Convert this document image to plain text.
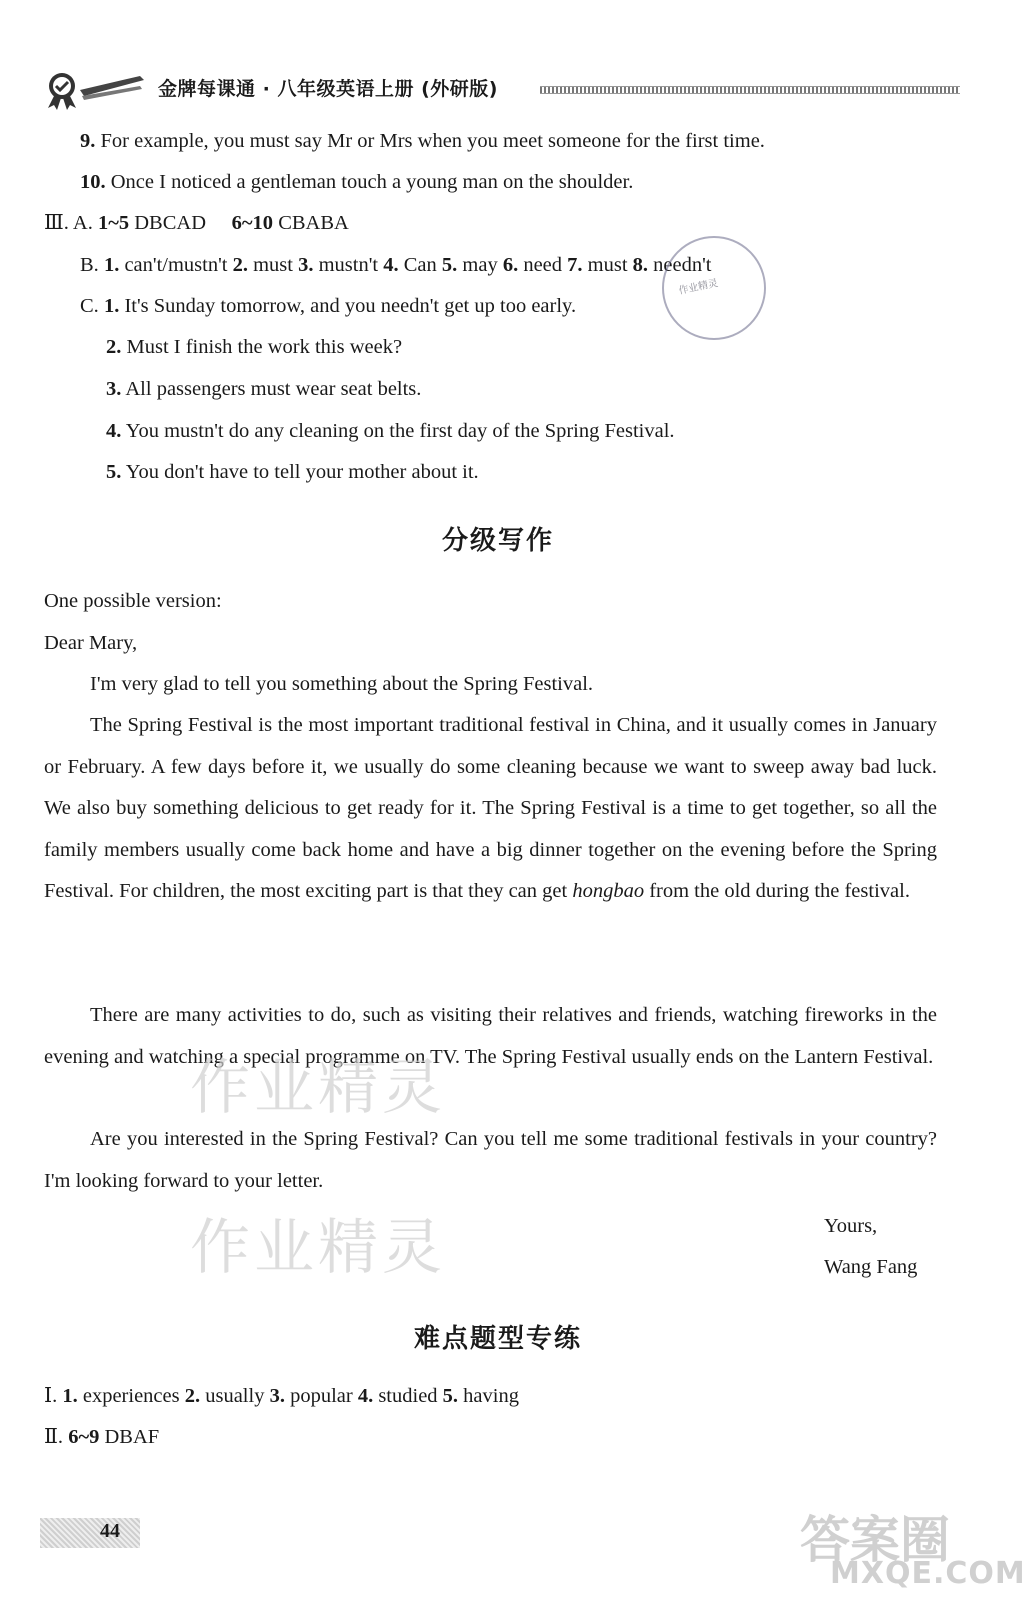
金牌每课通 · 八年级英语上册 (外研版)
9. For example, you must say Mr or Mrs when you meet someone for the first time.
10. Once I noticed a gentleman touch a young man on the shoulder.
Ⅲ. A. 1~5 DBCAD 6~10 CBABA
B. 1. can't/mustn't 2. must 3. mustn't 4. Can 5. may 6. need 7. must 8. needn't
C. 1. It's Sunday tomorrow, and you needn't get up too early.
2. Must I finish the work this week?
3. All passengers must wear seat belts.
4. You mustn't do any cleaning on the first day of the Spring Festival.
5. You don't have to tell your mother about it.
作业精灵
分级写作
One possible version:
Dear Mary,

I'm very glad to tell you something about the Spring Festival.

The Spring Festival is the most important traditional festival in China, and it usually comes in January or February. A few days before it, we usually do some cleaning because we want to sweep away bad luck. We also buy something delicious to get ready for it. The Spring Festival is a time to get together, so all the family members usually come back home and have a big dinner together on the evening before the Spring Festival. For children, the most exciting part is that they can get hongbao from the old during the festival.

There are many activities to do, such as visiting their relatives and friends, watching fireworks in the evening and watching a special programme on TV. The Spring Festival usually ends on the Lantern Festival.

Are you interested in the Spring Festival? Can you tell me some traditional festivals in your country? I'm looking forward to your letter.

Yours,
Wang Fang
作业精灵
作业精灵
难点题型专练
Ⅰ. 1. experiences 2. usually 3. popular 4. studied 5. having
Ⅱ. 6~9 DBAF
44	答案圈
MXQE.COM
